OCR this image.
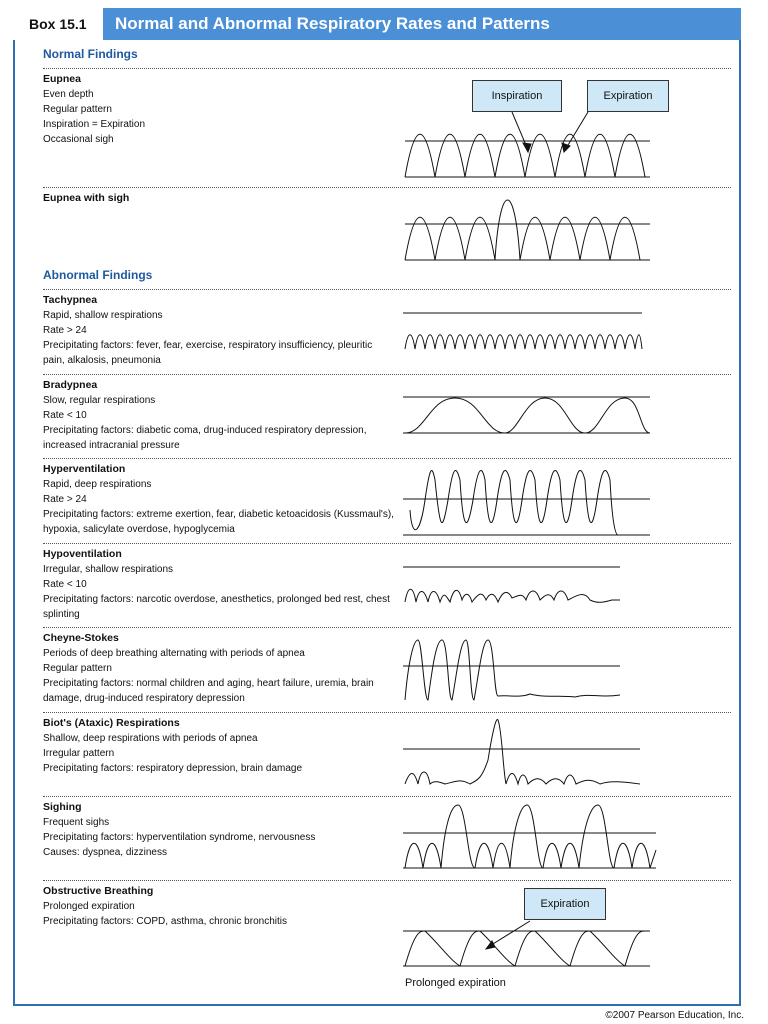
Box 15.1	Normal and Abnormal Respiratory Rates and Patterns
Normal Findings
Abnormal Findings
Eupnea
Even depth
Regular pattern
Inspiration = Expiration
Occasional sigh
Eupnea with sigh
Tachypnea
Rapid, shallow respirations
Rate > 24
Precipitating factors: fever, fear, exercise, respiratory insufficiency, pleuritic pain, alkalosis, pneumonia
Bradypnea
Slow, regular respirations
Rate < 10
Precipitating factors: diabetic coma, drug-induced respiratory depression, increased intracranial pressure
Hyperventilation
Rapid, deep respirations
Rate > 24
Precipitating factors: extreme exertion, fear, diabetic ketoacidosis (Kussmaul's), hypoxia, salicylate overdose, hypoglycemia
Hypoventilation
Irregular, shallow respirations
Rate < 10
Precipitating factors: narcotic overdose, anesthetics, prolonged bed rest, chest splinting
Cheyne-Stokes
Periods of deep breathing alternating with periods of apnea
Regular pattern
Precipitating factors: normal children and aging, heart failure, uremia, brain damage, drug-induced respiratory depression
Biot's (Ataxic) Respirations
Shallow, deep respirations with periods of apnea
Irregular pattern
Precipitating factors: respiratory depression, brain damage
Sighing
Frequent sighs
Precipitating factors: hyperventilation syndrome, nervousness
Causes: dyspnea, dizziness
Obstructive Breathing
Prolonged expiration
Precipitating factors: COPD, asthma, chronic bronchitis
Inspiration	Expiration
Expiration
Prolonged expiration
©2007 Pearson Education, Inc.
